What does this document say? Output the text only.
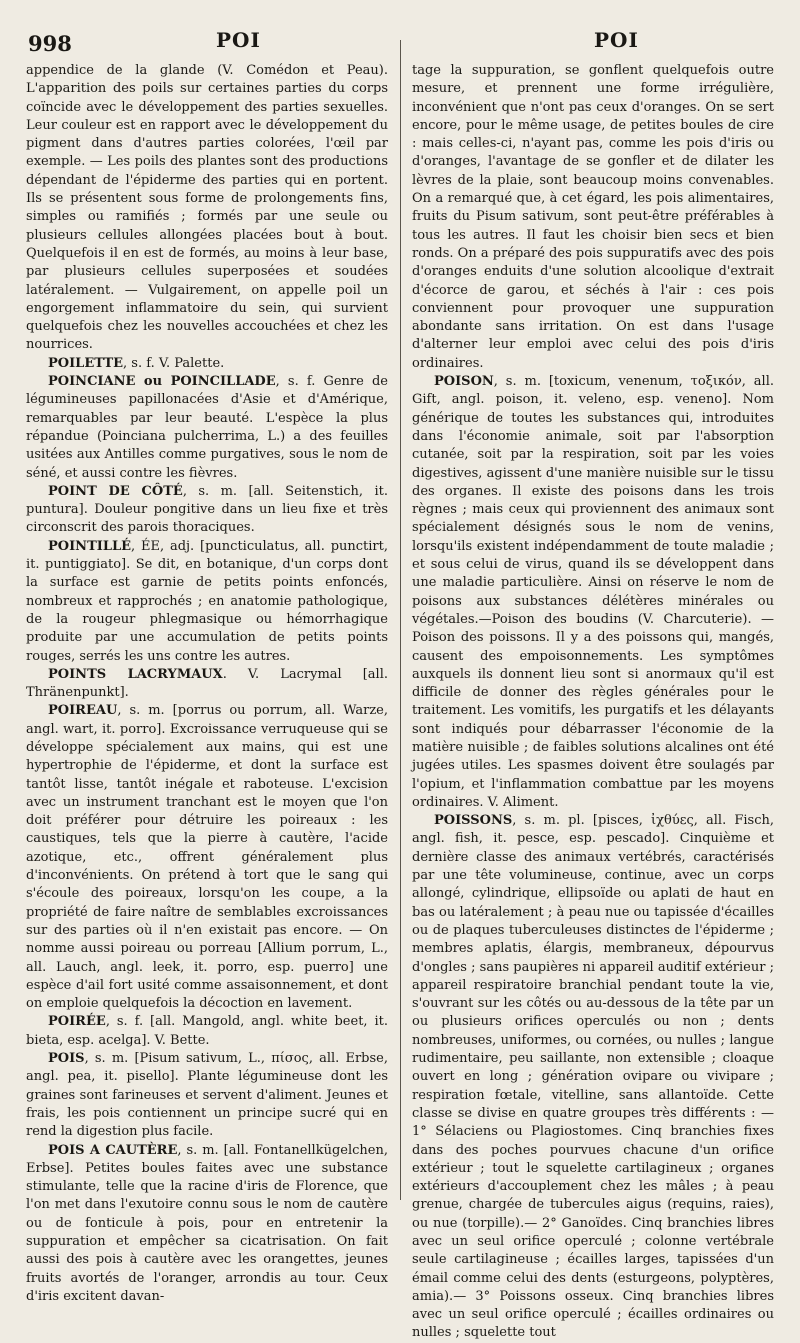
998	POI	POI

appendice de la glande (V. Comédon et Peau). L'apparition des poils sur certaines parties du corps coïncide avec le développement des parties sexuelles. Leur couleur est en rapport avec le développement du pigment dans d'autres parties colorées, l'œil par exemple. — Les poils des plantes sont des productions dépendant de l'épiderme des parties qui en portent. Ils se présentent sous forme de prolongements fins, simples ou ramifiés ; formés par une seule ou plusieurs cellules allongées placées bout à bout. Quelquefois il en est de formés, au moins à leur base, par plusieurs cellules superposées et soudées latéralement. — Vulgairement, on appelle poil un engorgement inflammatoire du sein, qui survient quelquefois chez les nouvelles accouchées et chez les nourrices.

POILETTE, s. f. V. Palette.

POINCIANE ou POINCILLADE, s. f. Genre de légumineuses papillonacées d'Asie et d'Amérique, remarquables par leur beauté. L'espèce la plus répandue (Poinciana pulcherrima, L.) a des feuilles usitées aux Antilles comme purgatives, sous le nom de séné, et aussi contre les fièvres.

POINT DE CÔTÉ, s. m. [all. Seitenstich, it. puntura]. Douleur pongitive dans un lieu fixe et très circonscrit des parois thoraciques.

POINTILLÉ, ÉE, adj. [puncticulatus, all. punctirt, it. puntiggiato]. Se dit, en botanique, d'un corps dont la surface est garnie de petits points enfoncés, nombreux et rapprochés ; en anatomie pathologique, de la rougeur phlegmasique ou hémorrhagique produite par une accumulation de petits points rouges, serrés les uns contre les autres.

POINTS LACRYMAUX. V. Lacrymal [all. Thränenpunkt].

POIREAU, s. m. [porrus ou porrum, all. Warze, angl. wart, it. porro]. Excroissance verruqueuse qui se développe spécialement aux mains, qui est une hypertrophie de l'épiderme, et dont la surface est tantôt lisse, tantôt inégale et raboteuse. L'excision avec un instrument tranchant est le moyen que l'on doit préférer pour détruire les poireaux : les caustiques, tels que la pierre à cautère, l'acide azotique, etc., offrent généralement plus d'inconvénients. On prétend à tort que le sang qui s'écoule des poireaux, lorsqu'on les coupe, a la propriété de faire naître de semblables excroissances sur des parties où il n'en existait pas encore. — On nomme aussi poireau ou porreau [Allium porrum, L., all. Lauch, angl. leek, it. porro, esp. puerro] une espèce d'ail fort usité comme assaisonnement, et dont on emploie quelquefois la décoction en lavement.

POIRÉE, s. f. [all. Mangold, angl. white beet, it. bieta, esp. acelga]. V. Bette.

POIS, s. m. [Pisum sativum, L., πίσος, all. Erbse, angl. pea, it. pisello]. Plante légumineuse dont les graines sont farineuses et servent d'aliment. Jeunes et frais, les pois contiennent un principe sucré qui en rend la digestion plus facile.

POIS A CAUTÈRE, s. m. [all. Fontanellkügelchen, Erbse]. Petites boules faites avec une substance stimulante, telle que la racine d'iris de Florence, que l'on met dans l'exutoire connu sous le nom de cautère ou de fonticule à pois, pour en entretenir la suppuration et empêcher sa cicatrisation. On fait aussi des pois à cautère avec les orangettes, jeunes fruits avortés de l'oranger, arrondis au tour. Ceux d'iris excitent davan-

tage la suppuration, se gonflent quelquefois outre mesure, et prennent une forme irrégulière, inconvénient que n'ont pas ceux d'oranges. On se sert encore, pour le même usage, de petites boules de cire : mais celles-ci, n'ayant pas, comme les pois d'iris ou d'oranges, l'avantage de se gonfler et de dilater les lèvres de la plaie, sont beaucoup moins convenables. On a remarqué que, à cet égard, les pois alimentaires, fruits du Pisum sativum, sont peut-être préférables à tous les autres. Il faut les choisir bien secs et bien ronds. On a préparé des pois suppuratifs avec des pois d'oranges enduits d'une solution alcoolique d'extrait d'écorce de garou, et séchés à l'air : ces pois conviennent pour provoquer une suppuration abondante sans irritation. On est dans l'usage d'alterner leur emploi avec celui des pois d'iris ordinaires.

POISON, s. m. [toxicum, venenum, τοξικόν, all. Gift, angl. poison, it. veleno, esp. veneno]. Nom générique de toutes les substances qui, introduites dans l'économie animale, soit par l'absorption cutanée, soit par la respiration, soit par les voies digestives, agissent d'une manière nuisible sur le tissu des organes. Il existe des poisons dans les trois règnes ; mais ceux qui proviennent des animaux sont spécialement désignés sous le nom de venins, lorsqu'ils existent indépendamment de toute maladie ; et sous celui de virus, quand ils se développent dans une maladie particulière. Ainsi on réserve le nom de poisons aux substances délétères minérales ou végétales.—Poison des boudins (V. Charcuterie). — Poison des poissons. Il y a des poissons qui, mangés, causent des empoisonnements. Les symptômes auxquels ils donnent lieu sont si anormaux qu'il est difficile de donner des règles générales pour le traitement. Les vomitifs, les purgatifs et les délayants sont indiqués pour débarrasser l'économie de la matière nuisible ; de faibles solutions alcalines ont été jugées utiles. Les spasmes doivent être soulagés par l'opium, et l'inflammation combattue par les moyens ordinaires. V. Aliment.

POISSONS, s. m. pl. [pisces, ἰχθύες, all. Fisch, angl. fish, it. pesce, esp. pescado]. Cinquième et dernière classe des animaux vertébrés, caractérisés par une tête volumineuse, continue, avec un corps allongé, cylindrique, ellipsoïde ou aplati de haut en bas ou latéralement ; à peau nue ou tapissée d'écailles ou de plaques tuberculeuses distinctes de l'épiderme ; membres aplatis, élargis, membraneux, dépourvus d'ongles ; sans paupières ni appareil auditif extérieur ; appareil respiratoire branchial pendant toute la vie, s'ouvrant sur les côtés ou au-dessous de la tête par un ou plusieurs orifices operculés ou non ; dents nombreuses, uniformes, ou cornées, ou nulles ; langue rudimentaire, peu saillante, non extensible ; cloaque ouvert en long ; génération ovipare ou vivipare ; respiration fœtale, vitelline, sans allantoïde. Cette classe se divise en quatre groupes très différents : — 1° Sélaciens ou Plagiostomes. Cinq branchies fixes dans des poches pourvues chacune d'un orifice extérieur ; tout le squelette cartilagineux ; organes extérieurs d'accouplement chez les mâles ; à peau grenue, chargée de tubercules aigus (requins, raies), ou nue (torpille).— 2° Ganoïdes. Cinq branchies libres avec un seul orifice operculé ; colonne vertébrale seule cartilagineuse ; écailles larges, tapissées d'un émail comme celui des dents (esturgeons, polyptères, amia).— 3° Poissons osseux. Cinq branchies libres avec un seul orifice operculé ; écailles ordinaires ou nulles ; squelette tout
